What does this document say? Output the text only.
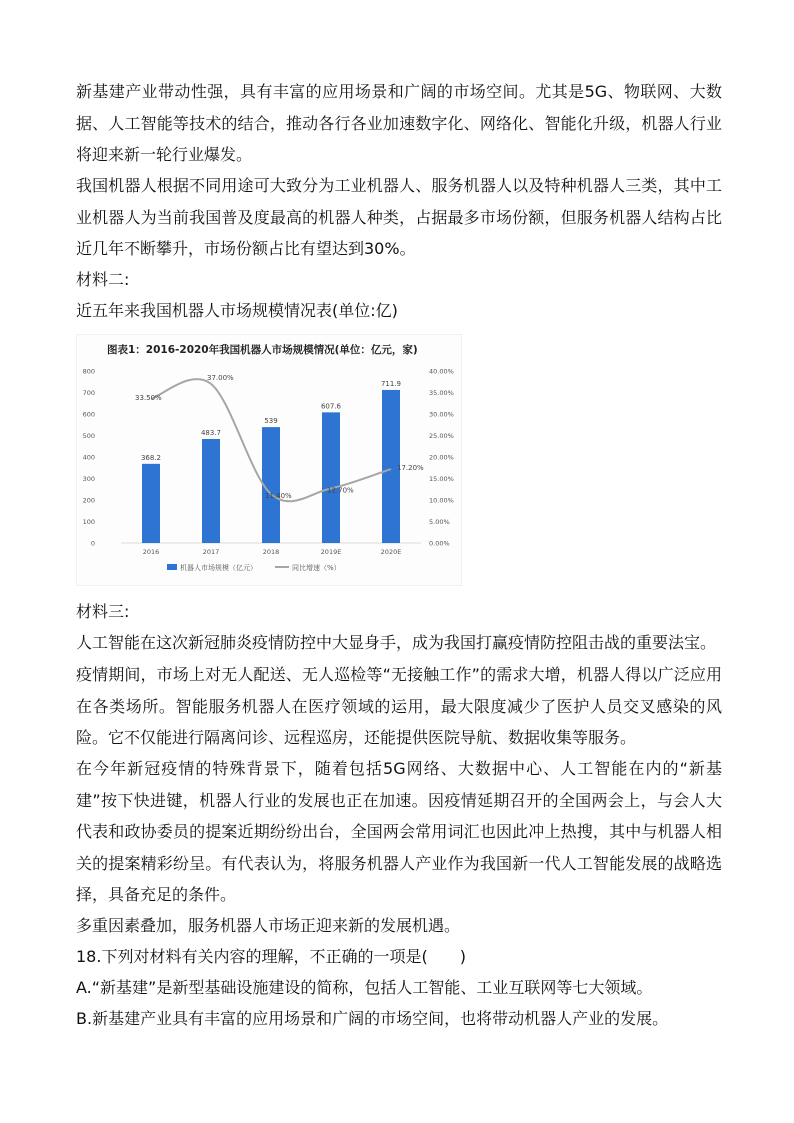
新基建产业带动性强，具有丰富的应用场景和广阔的市场空间。尤其是5G、物联网、大数据、人工智能等技术的结合，推动各行各业加速数字化、网络化、智能化升级，机器人行业将迎来新一轮行业爆发。

我国机器人根据不同用途可大致分为工业机器人、服务机器人以及特种机器人三类，其中工业机器人为当前我国普及度最高的机器人种类，占据最多市场份额，但服务机器人结构占比近几年不断攀升，市场份额占比有望达到30%。

材料二:

近五年来我国机器人市场规模情况表(单位:亿)

图表1：2016-2020年我国机器人市场规模情况(单位：亿元，家)
0
100
200
300
400
500
600
700
800
0.00%
5.00%
10.00%
15.00%
20.00%
25.00%
30.00%
35.00%
40.00%
368.2
483.7
539
607.6
711.9
33.50%
37.00%
11.40%
12.70%
17.20%
2016	2017	2018	2019E	2020E
机器人市场规模（亿元）	同比增速（%）

材料三:

人工智能在这次新冠肺炎疫情防控中大显身手，成为我国打赢疫情防控阻击战的重要法宝。

疫情期间，市场上对无人配送、无人巡检等“无接触工作”的需求大增，机器人得以广泛应用在各类场所。智能服务机器人在医疗领域的运用，最大限度减少了医护人员交叉感染的风险。它不仅能进行隔离问诊、远程巡房，还能提供医院导航、数据收集等服务。

在今年新冠疫情的特殊背景下，随着包括5G网络、大数据中心、人工智能在内的“新基建”按下快进键，机器人行业的发展也正在加速。因疫情延期召开的全国两会上，与会人大代表和政协委员的提案近期纷纷出台，全国两会常用词汇也因此冲上热搜，其中与机器人相关的提案精彩纷呈。有代表认为，将服务机器人产业作为我国新一代人工智能发展的战略选择，具备充足的条件。

多重因素叠加，服务机器人市场正迎来新的发展机遇。

18.下列对材料有关内容的理解，不正确的一项是(　　)

A.“新基建”是新型基础设施建设的简称，包括人工智能、工业互联网等七大领域。

B.新基建产业具有丰富的应用场景和广阔的市场空间，也将带动机器人产业的发展。
